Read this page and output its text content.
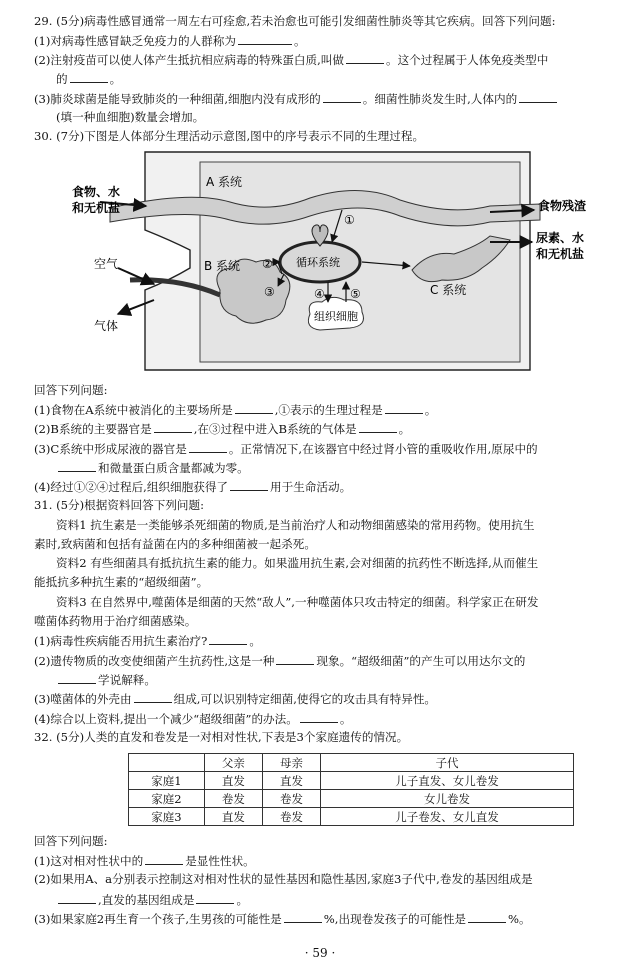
29. (5分)病毒性感冒通常一周左右可痊愈,若未治愈也可能引发细菌性肺炎等其它疾病。回答下列问题:
(1)对病毒性感冒缺乏免疫力的人群称为	。
(2)注射疫苗可以使人体产生抵抗相应病毒的特殊蛋白质,叫做	。这个过程属于人体免疫类型中
的	。
(3)肺炎球菌是能导致肺炎的一种细菌,细胞内没有成形的	。细菌性肺炎发生时,人体内的
(填一种血细胞)数量会增加。
30. (7分)下图是人体部分生理活动示意图,图中的序号表示不同的生理过程。
食物、水
和无机盐
A 系统
B 系统
C 系统
循环系统
组织细胞
空气
气体
食物残渣
尿素、水
和无机盐
①
②
③	④ ⑤
回答下列问题:
(1)食物在A系统中被消化的主要场所是	,①表示的生理过程是	。
(2)B系统的主要器官是	,在③过程中进入B系统的气体是	。
(3)C系统中形成尿液的器官是	。正常情况下,在该器官中经过肾小管的重吸收作用,原尿中的
和微量蛋白质含量都减为零。
(4)经过①②④过程后,组织细胞获得了	用于生命活动。
31. (5分)根据资料回答下列问题:
资料1 抗生素是一类能够杀死细菌的物质,是当前治疗人和动物细菌感染的常用药物。使用抗生
素时,致病菌和包括有益菌在内的多种细菌被一起杀死。
资料2 有些细菌具有抵抗抗生素的能力。如果滥用抗生素,会对细菌的抗药性不断选择,从而催生
能抵抗多种抗生素的“超级细菌”。
资料3 在自然界中,噬菌体是细菌的天然“敌人”,一种噬菌体只攻击特定的细菌。科学家正在研发
噬菌体药物用于治疗细菌感染。
(1)病毒性疾病能否用抗生素治疗?	。
(2)遗传物质的改变使细菌产生抗药性,这是一种	现象。“超级细菌”的产生可以用达尔文的
学说解释。
(3)噬菌体的外壳由	组成,可以识别特定细菌,使得它的攻击具有特异性。
(4)综合以上资料,提出一个减少“超级细菌”的办法。	。
32. (5分)人类的直发和卷发是一对相对性状,下表是3个家庭遗传的情况。
	父亲	母亲	子代
家庭1	直发	直发	儿子直发、女儿卷发
家庭2	卷发	卷发	女儿卷发
家庭3	直发	卷发	儿子卷发、女儿直发
回答下列问题:
(1)这对相对性状中的	是显性性状。
(2)如果用A、a分别表示控制这对相对性状的显性基因和隐性基因,家庭3子代中,卷发的基因组成是
,直发的基因组成是	。
(3)如果家庭2再生育一个孩子,生男孩的可能性是	%,出现卷发孩子的可能性是	%。
· 59 ·
